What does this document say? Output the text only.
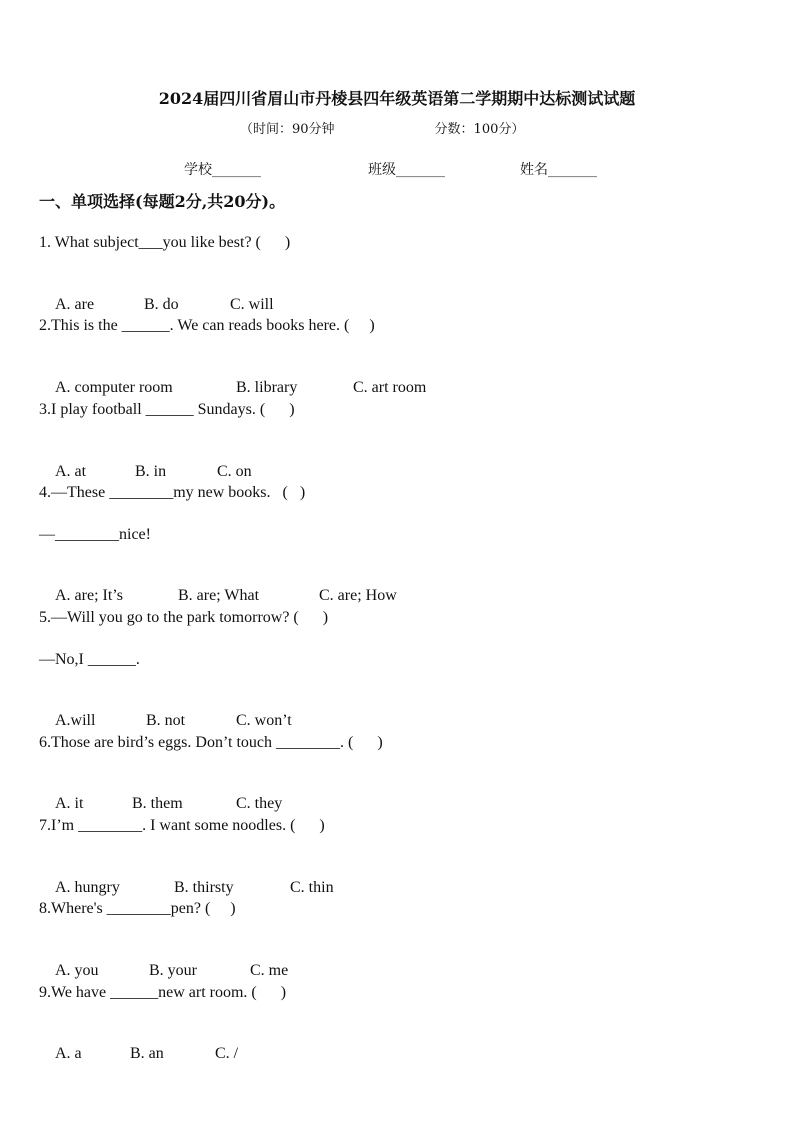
2024届四川省眉山市丹棱县四年级英语第二学期期中达标测试试题
（时间：90分钟	分数：100分）
学校_______	班级_______	姓名_______
一、单项选择(每题2分,共20分)。
1. What subject___you like best? (      )

A. are	B. do	C. will

2.This is the ______. We can reads books here. (     )

A. computer room	B. library	C. art room

3.I play football ______ Sundays. (      )

A. at	B. in	C. on

4.—These ________my new books.   (   )
—________nice!

A. are; It’s	B. are; What	C. are; How

5.—Will you go to the park tomorrow? (      )
—No,I ______.

A.will	B. not	C. won’t

6.Those are bird’s eggs. Don’t touch ________. (      )

A. it	B. them	C. they

7.I’m ________. I want some noodles. (      )

A. hungry	B. thirsty	C. thin

8.Where's ________pen? (     )

A. you	B. your	C. me

9.We have ______new art room. (      )

A. a	B. an	C. /
